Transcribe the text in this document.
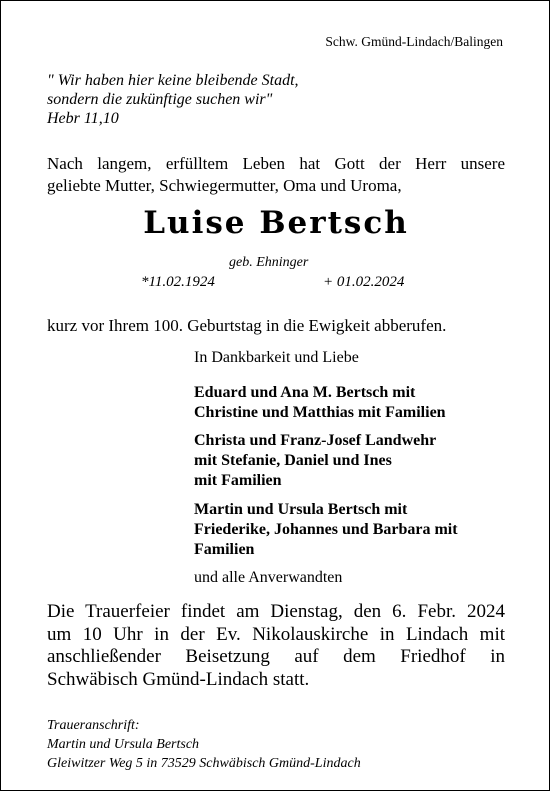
Schw. Gmünd-Lindach/Balingen
" Wir haben hier keine bleibende Stadt,
sondern die zukünftige suchen wir"
Hebr 11,10
Nach langem, erfülltem Leben hat Gott der Herr unsere
geliebte Mutter, Schwiegermutter, Oma und Uroma,
Luise Bertsch
geb. Ehninger
*11.02.1924	+ 01.02.2024
kurz vor Ihrem 100. Geburtstag in die Ewigkeit abberufen.
In Dankbarkeit und Liebe
Eduard und Ana M. Bertsch mit
Christine und Matthias mit Familien
Christa und Franz-Josef Landwehr
mit Stefanie, Daniel und Ines
mit Familien
Martin und Ursula Bertsch mit
Friederike, Johannes und Barbara mit
Familien
und alle Anverwandten
Die Trauerfeier findet am Dienstag, den 6. Febr. 2024
um 10 Uhr in der Ev. Nikolauskirche in Lindach mit
anschließender Beisetzung auf dem Friedhof in
Schwäbisch Gmünd-Lindach statt.
Traueranschrift:
Martin und Ursula Bertsch
Gleiwitzer Weg 5 in 73529 Schwäbisch Gmünd-Lindach
